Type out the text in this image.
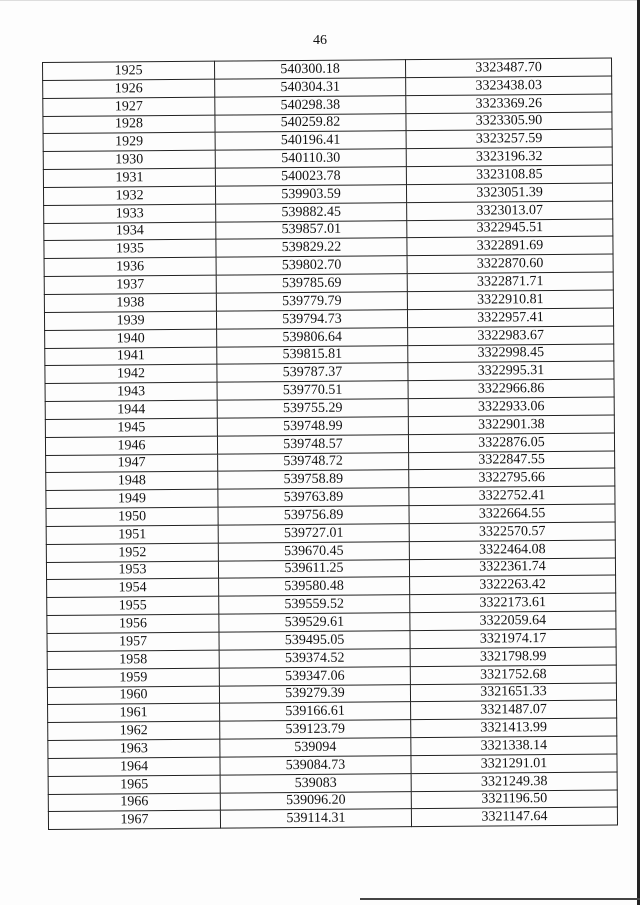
46
1925	540300.18	3323487.70
1926	540304.31	3323438.03
1927	540298.38	3323369.26
1928	540259.82	3323305.90
1929	540196.41	3323257.59
1930	540110.30	3323196.32
1931	540023.78	3323108.85
1932	539903.59	3323051.39
1933	539882.45	3323013.07
1934	539857.01	3322945.51
1935	539829.22	3322891.69
1936	539802.70	3322870.60
1937	539785.69	3322871.71
1938	539779.79	3322910.81
1939	539794.73	3322957.41
1940	539806.64	3322983.67
1941	539815.81	3322998.45
1942	539787.37	3322995.31
1943	539770.51	3322966.86
1944	539755.29	3322933.06
1945	539748.99	3322901.38
1946	539748.57	3322876.05
1947	539748.72	3322847.55
1948	539758.89	3322795.66
1949	539763.89	3322752.41
1950	539756.89	3322664.55
1951	539727.01	3322570.57
1952	539670.45	3322464.08
1953	539611.25	3322361.74
1954	539580.48	3322263.42
1955	539559.52	3322173.61
1956	539529.61	3322059.64
1957	539495.05	3321974.17
1958	539374.52	3321798.99
1959	539347.06	3321752.68
1960	539279.39	3321651.33
1961	539166.61	3321487.07
1962	539123.79	3321413.99
1963	539094	3321338.14
1964	539084.73	3321291.01
1965	539083	3321249.38
1966	539096.20	3321196.50
1967	539114.31	3321147.64
